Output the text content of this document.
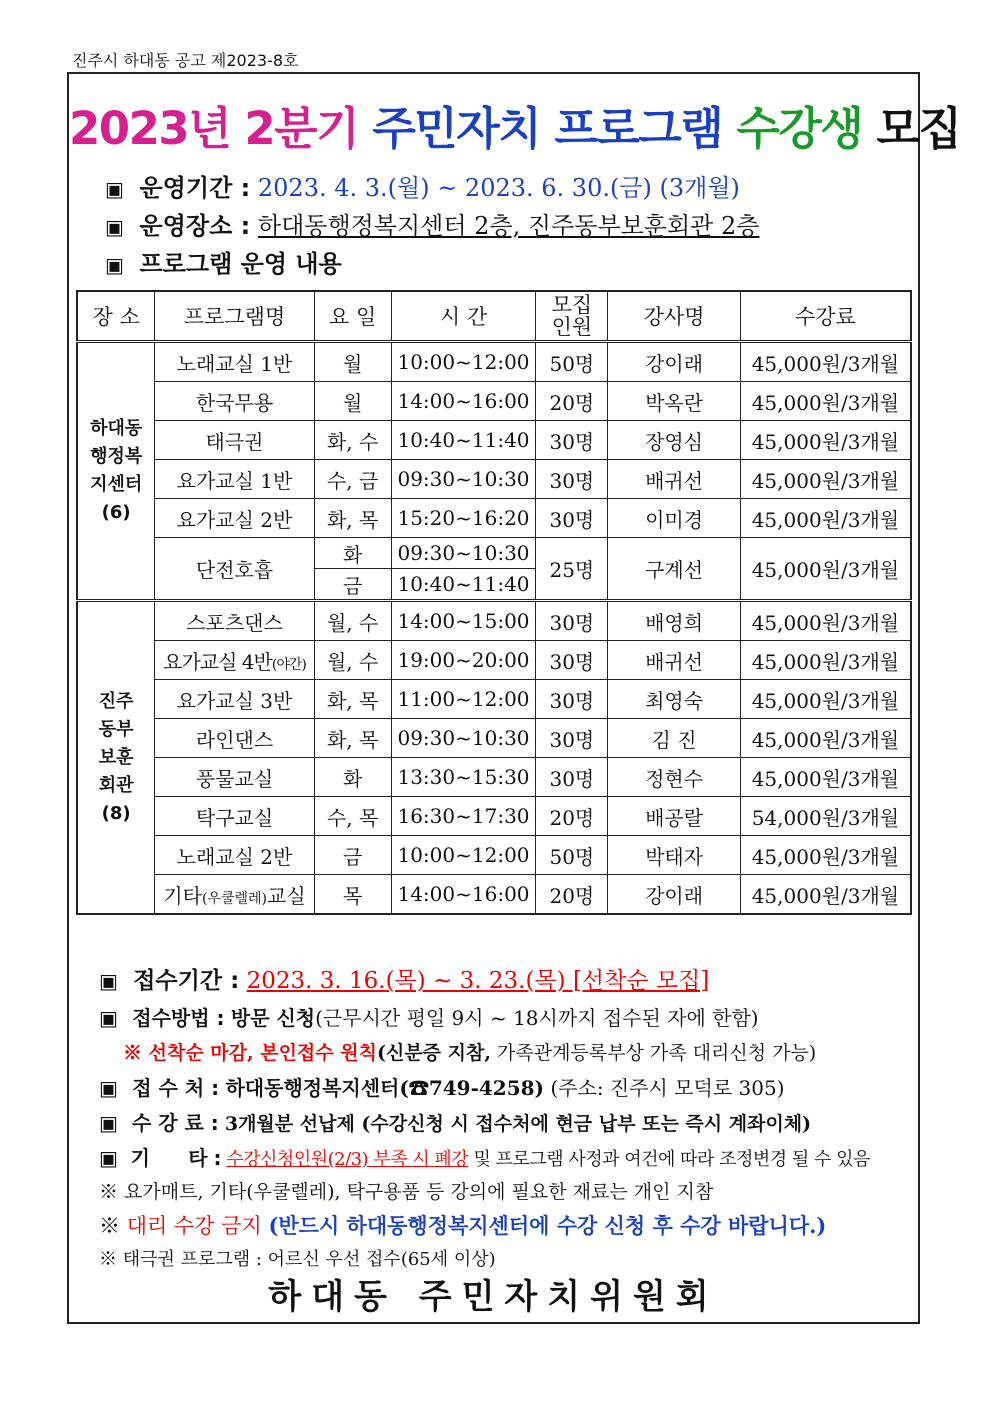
진주시 하대동 공고 제2023-8호
2023년 2분기 주민자치 프로그램 수강생 모집
▣ 운영기간 : 2023. 4. 3.(월) ~ 2023. 6. 30.(금) (3개월)
▣ 운영장소 : 하대동행정복지센터 2층, 진주동부보훈회관 2층
▣ 프로그램 운영 내용
장 소	프로그램명	요 일	시 간	모집
인원	강사명	수강료

하대동
행정복
지센터
(6)	노래교실 1반	월	10:00~12:00	50명	강이래	45,000원/3개월
	한국무용	월	14:00~16:00	20명	박옥란	45,000원/3개월
	태극권	화, 수	10:40~11:40	30명	장영심	45,000원/3개월
	요가교실 1반	수, 금	09:30~10:30	30명	배귀선	45,000원/3개월
	요가교실 2반	화, 목	15:20~16:20	30명	이미경	45,000원/3개월
	단전호흡	화	09:30~10:30	25명	구계선	45,000원/3개월
		금	10:40~11:40			

진주
동부
보훈
회관
(8)	스포츠댄스	월, 수	14:00~15:00	30명	배영희	45,000원/3개월
	요가교실 4반(야간)	월, 수	19:00~20:00	30명	배귀선	45,000원/3개월
	요가교실 3반	화, 목	11:00~12:00	30명	최영숙	45,000원/3개월
	라인댄스	화, 목	09:30~10:30	30명	김 진	45,000원/3개월
	풍물교실	화	13:30~15:30	30명	정현수	45,000원/3개월
	탁구교실	수, 목	16:30~17:30	20명	배공랄	54,000원/3개월
	노래교실 2반	금	10:00~12:00	50명	박태자	45,000원/3개월
	기타(우쿨렐레)교실	목	14:00~16:00	20명	강이래	45,000원/3개월
▣ 접수기간 : 2023. 3. 16.(목) ~ 3. 23.(목) [선착순 모집]
▣ 접수방법 : 방문 신청(근무시간 평일 9시 ~ 18시까지 접수된 자에 한함)
※ 선착순 마감, 본인접수 원칙(신분증 지참, 가족관계등록부상 가족 대리신청 가능)
▣ 접 수 처 : 하대동행정복지센터(☎749-4258) (주소: 진주시 모덕로 305)
▣ 수 강 료 : 3개월분 선납제 (수강신청 시 접수처에 현금 납부 또는 즉시 계좌이체)
▣ 기      타 : 수강신청인원(2/3) 부족 시 폐강 및 프로그램 사정과 여건에 따라 조정변경 될 수 있음
※ 요가매트, 기타(우쿨렐레), 탁구용품 등 강의에 필요한 재료는 개인 지참
※ 대리 수강 금지 (반드시 하대동행정복지센터에 수강 신청 후 수강 바랍니다.)
※ 태극권 프로그램 : 어르신 우선 접수(65세 이상)
하대동 주민자치위원회
